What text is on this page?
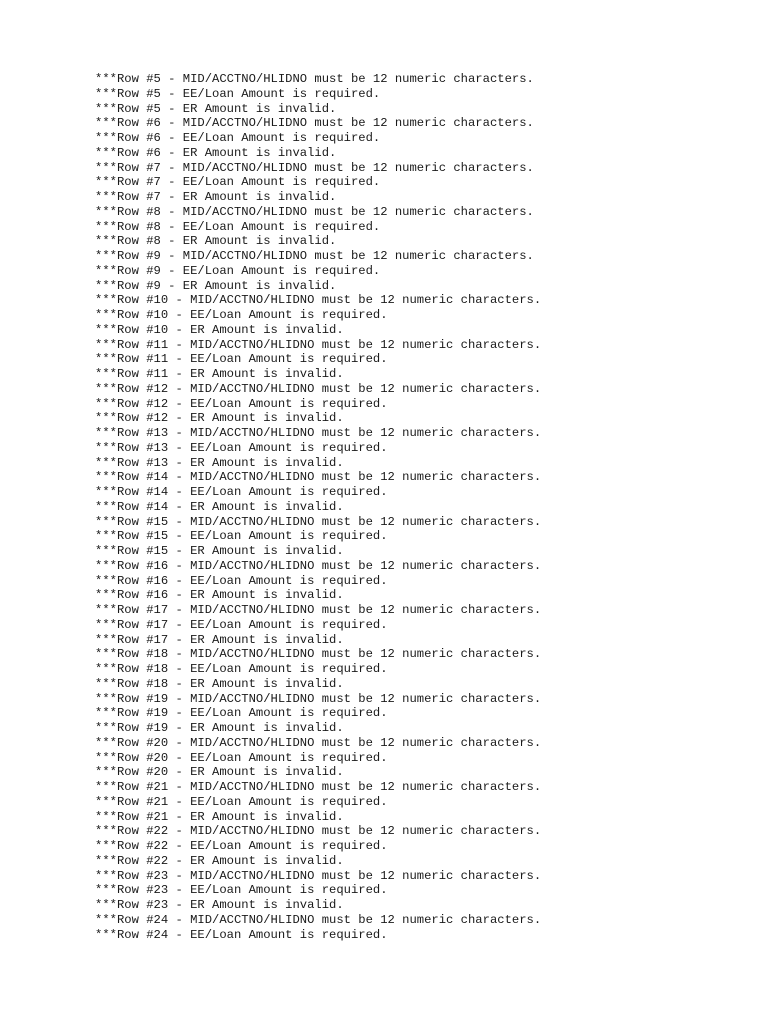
***Row #5 - MID/ACCTNO/HLIDNO must be 12 numeric characters.
***Row #5 - EE/Loan Amount is required.
***Row #5 - ER Amount is invalid.
***Row #6 - MID/ACCTNO/HLIDNO must be 12 numeric characters.
***Row #6 - EE/Loan Amount is required.
***Row #6 - ER Amount is invalid.
***Row #7 - MID/ACCTNO/HLIDNO must be 12 numeric characters.
***Row #7 - EE/Loan Amount is required.
***Row #7 - ER Amount is invalid.
***Row #8 - MID/ACCTNO/HLIDNO must be 12 numeric characters.
***Row #8 - EE/Loan Amount is required.
***Row #8 - ER Amount is invalid.
***Row #9 - MID/ACCTNO/HLIDNO must be 12 numeric characters.
***Row #9 - EE/Loan Amount is required.
***Row #9 - ER Amount is invalid.
***Row #10 - MID/ACCTNO/HLIDNO must be 12 numeric characters.
***Row #10 - EE/Loan Amount is required.
***Row #10 - ER Amount is invalid.
***Row #11 - MID/ACCTNO/HLIDNO must be 12 numeric characters.
***Row #11 - EE/Loan Amount is required.
***Row #11 - ER Amount is invalid.
***Row #12 - MID/ACCTNO/HLIDNO must be 12 numeric characters.
***Row #12 - EE/Loan Amount is required.
***Row #12 - ER Amount is invalid.
***Row #13 - MID/ACCTNO/HLIDNO must be 12 numeric characters.
***Row #13 - EE/Loan Amount is required.
***Row #13 - ER Amount is invalid.
***Row #14 - MID/ACCTNO/HLIDNO must be 12 numeric characters.
***Row #14 - EE/Loan Amount is required.
***Row #14 - ER Amount is invalid.
***Row #15 - MID/ACCTNO/HLIDNO must be 12 numeric characters.
***Row #15 - EE/Loan Amount is required.
***Row #15 - ER Amount is invalid.
***Row #16 - MID/ACCTNO/HLIDNO must be 12 numeric characters.
***Row #16 - EE/Loan Amount is required.
***Row #16 - ER Amount is invalid.
***Row #17 - MID/ACCTNO/HLIDNO must be 12 numeric characters.
***Row #17 - EE/Loan Amount is required.
***Row #17 - ER Amount is invalid.
***Row #18 - MID/ACCTNO/HLIDNO must be 12 numeric characters.
***Row #18 - EE/Loan Amount is required.
***Row #18 - ER Amount is invalid.
***Row #19 - MID/ACCTNO/HLIDNO must be 12 numeric characters.
***Row #19 - EE/Loan Amount is required.
***Row #19 - ER Amount is invalid.
***Row #20 - MID/ACCTNO/HLIDNO must be 12 numeric characters.
***Row #20 - EE/Loan Amount is required.
***Row #20 - ER Amount is invalid.
***Row #21 - MID/ACCTNO/HLIDNO must be 12 numeric characters.
***Row #21 - EE/Loan Amount is required.
***Row #21 - ER Amount is invalid.
***Row #22 - MID/ACCTNO/HLIDNO must be 12 numeric characters.
***Row #22 - EE/Loan Amount is required.
***Row #22 - ER Amount is invalid.
***Row #23 - MID/ACCTNO/HLIDNO must be 12 numeric characters.
***Row #23 - EE/Loan Amount is required.
***Row #23 - ER Amount is invalid.
***Row #24 - MID/ACCTNO/HLIDNO must be 12 numeric characters.
***Row #24 - EE/Loan Amount is required.
